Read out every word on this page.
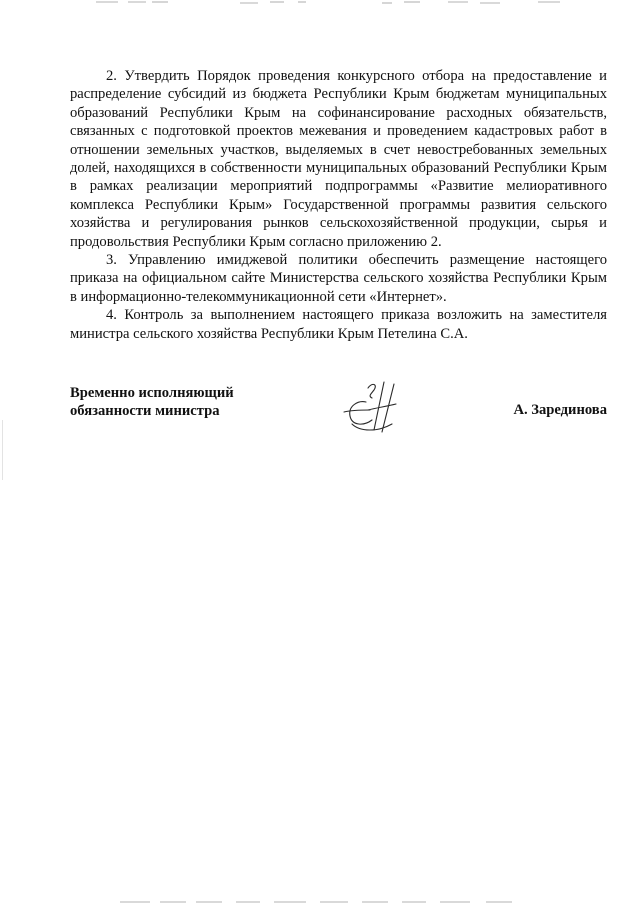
2. Утвердить Порядок проведения конкурсного отбора на предоставление и распределение субсидий из бюджета Республики Крым бюджетам муниципальных образований Республики Крым на софинансирование расходных обязательств, связанных с подготовкой проектов межевания и проведением кадастровых работ в отношении земельных участков, выделяемых в счет невостребованных земельных долей, находящихся в собственности муниципальных образований Республики Крым в рамках реализации мероприятий подпрограммы «Развитие мелиоративного комплекса Республики Крым» Государственной программы развития сельского хозяйства и регулирования рынков сельскохозяйственной продукции, сырья и продовольствия Республики Крым согласно приложению 2.

3. Управлению имиджевой политики обеспечить размещение настоящего приказа на официальном сайте Министерства сельского хозяйства Республики Крым в информационно-телекоммуникационной сети «Интернет».

4. Контроль за выполнением настоящего приказа возложить на заместителя министра сельского хозяйства Республики Крым Петелина С.А.

Временно исполняющий
обязанности министра	А. Зарединова
